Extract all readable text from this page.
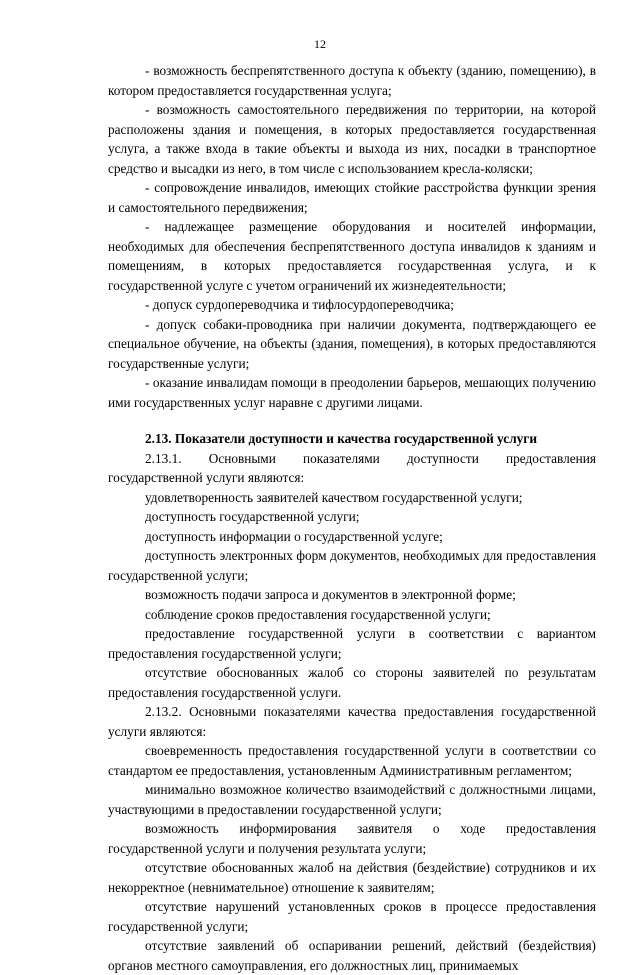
12

- возможность беспрепятственного доступа к объекту (зданию, помещению), в котором предоставляется государственная услуга;

- возможность самостоятельного передвижения по территории, на которой расположены здания и помещения, в которых предоставляется государственная услуга, а также входа в такие объекты и выхода из них, посадки в транспортное средство и высадки из него, в том числе с использованием кресла-коляски;

- сопровождение инвалидов, имеющих стойкие расстройства функции зрения и самостоятельного передвижения;

- надлежащее размещение оборудования и носителей информации, необходимых для обеспечения беспрепятственного доступа инвалидов к зданиям и помещениям, в которых предоставляется государственная услуга, и к государственной услуге с учетом ограничений их жизнедеятельности;

- допуск сурдопереводчика и тифлосурдопереводчика;

- допуск собаки-проводника при наличии документа, подтверждающего ее специальное обучение, на объекты (здания, помещения), в которых предоставляются государственные услуги;

- оказание инвалидам помощи в преодолении барьеров, мешающих получению ими государственных услуг наравне с другими лицами.

2.13. Показатели доступности и качества государственной услуги

2.13.1. Основными показателями доступности предоставления государственной услуги являются:

удовлетворенность заявителей качеством государственной услуги;

доступность государственной услуги;

доступность информации о государственной услуге;

доступность электронных форм документов, необходимых для предоставления государственной услуги;

возможность подачи запроса и документов в электронной форме;

соблюдение сроков предоставления государственной услуги;

предоставление государственной услуги в соответствии с вариантом предоставления государственной услуги;

отсутствие обоснованных жалоб со стороны заявителей по результатам предоставления государственной услуги.

2.13.2. Основными показателями качества предоставления государственной услуги являются:

своевременность предоставления государственной услуги в соответствии со стандартом ее предоставления, установленным Административным регламентом;

минимально возможное количество взаимодействий с должностными лицами, участвующими в предоставлении государственной услуги;

возможность информирования заявителя о ходе предоставления государственной услуги и получения результата услуги;

отсутствие обоснованных жалоб на действия (бездействие) сотрудников и их некорректное (невнимательное) отношение к заявителям;

отсутствие нарушений установленных сроков в процессе предоставления государственной услуги;

отсутствие заявлений об оспаривании решений, действий (бездействия) органов местного самоуправления, его должностных лиц, принимаемых
